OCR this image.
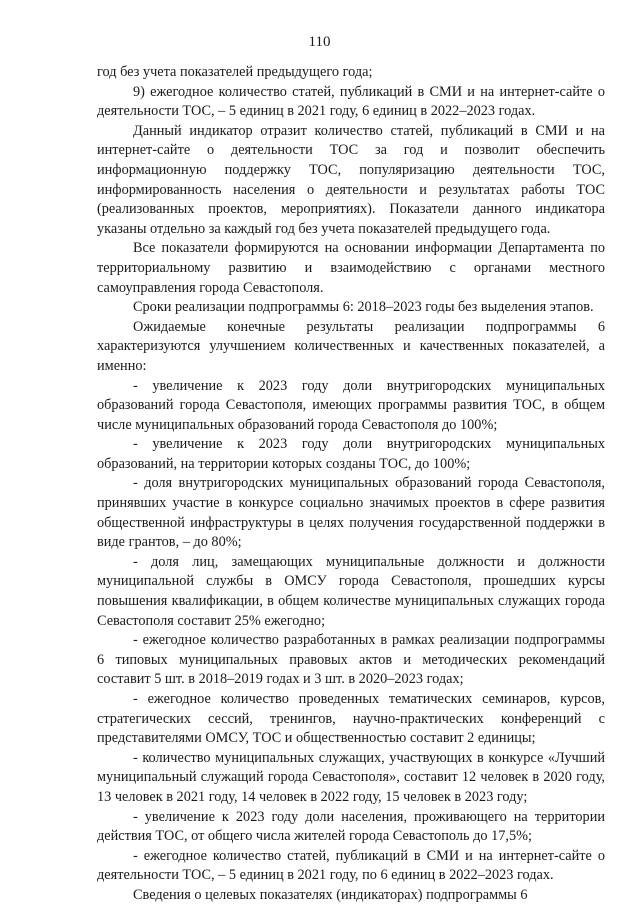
110

год без учета показателей предыдущего года;

9) ежегодное количество статей, публикаций в СМИ и на интернет-сайте о деятельности ТОС, – 5 единиц в 2021 году, 6 единиц в 2022–2023 годах.

Данный индикатор отразит количество статей, публикаций в СМИ и на интернет-сайте о деятельности ТОС за год и позволит обеспечить информационную поддержку ТОС, популяризацию деятельности ТОС, информированность населения о деятельности и результатах работы ТОС (реализованных проектов, мероприятиях). Показатели данного индикатора указаны отдельно за каждый год без учета показателей предыдущего года.

Все показатели формируются на основании информации Департамента по территориальному развитию и взаимодействию с органами местного самоуправления города Севастополя.

Сроки реализации подпрограммы 6: 2018–2023 годы без выделения этапов.

Ожидаемые конечные результаты реализации подпрограммы 6 характеризуются улучшением количественных и качественных показателей, а именно:

- увеличение к 2023 году доли внутригородских муниципальных образований города Севастополя, имеющих программы развития ТОС, в общем числе муниципальных образований города Севастополя до 100%;

- увеличение к 2023 году доли внутригородских муниципальных образований, на территории которых созданы ТОС, до 100%;

- доля внутригородских муниципальных образований города Севастополя, принявших участие в конкурсе социально значимых проектов в сфере развития общественной инфраструктуры в целях получения государственной поддержки в виде грантов, – до 80%;

- доля лиц, замещающих муниципальные должности и должности муниципальной службы в ОМСУ города Севастополя, прошедших курсы повышения квалификации, в общем количестве муниципальных служащих города Севастополя составит 25% ежегодно;

- ежегодное количество разработанных в рамках реализации подпрограммы 6 типовых муниципальных правовых актов и методических рекомендаций составит 5 шт. в 2018–2019 годах и 3 шт. в 2020–2023 годах;

- ежегодное количество проведенных тематических семинаров, курсов, стратегических сессий, тренингов, научно-практических конференций с представителями ОМСУ, ТОС и общественностью составит 2 единицы;

- количество муниципальных служащих, участвующих в конкурсе «Лучший муниципальный служащий города Севастополя», составит 12 человек в 2020 году, 13 человек в 2021 году, 14 человек в 2022 году, 15 человек в 2023 году;

- увеличение к 2023 году доли населения, проживающего на территории действия ТОС, от общего числа жителей города Севастополь до 17,5%;

- ежегодное количество статей, публикаций в СМИ и на интернет-сайте о деятельности ТОС, – 5 единиц в 2021 году, по 6 единиц в 2022–2023 годах.

Сведения о целевых показателях (индикаторах) подпрограммы 6
